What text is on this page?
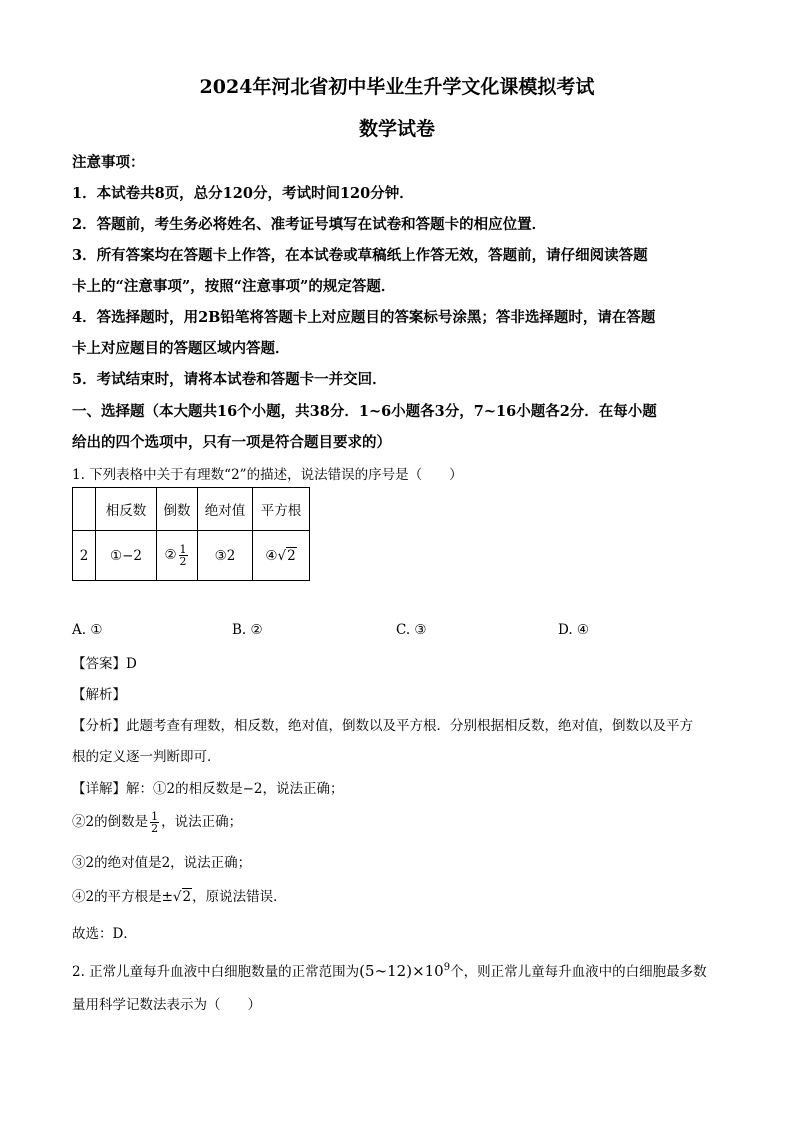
2024年河北省初中毕业生升学文化课模拟考试
数学试卷
注意事项：
1．本试卷共8页，总分120分，考试时间120分钟．
2．答题前，考生务必将姓名、准考证号填写在试卷和答题卡的相应位置．
3．所有答案均在答题卡上作答，在本试卷或草稿纸上作答无效，答题前，请仔细阅读答题
卡上的“注意事项”，按照“注意事项”的规定答题．
4．答选择题时，用2B铅笔将答题卡上对应题目的答案标号涂黑；答非选择题时，请在答题
卡上对应题目的答题区域内答题．
5．考试结束时，请将本试卷和答题卡一并交回．
一、选择题（本大题共16个小题，共38分．1~6小题各3分，7~16小题各2分．在每小题
给出的四个选项中，只有一项是符合题目要求的）
1. 下列表格中关于有理数“2”的描述，说法错误的序号是（　　）
	相反数	倒数	绝对值	平方根
2	①−2	② $\frac{1}{2}$	③2	④√2
A. ①	B. ②	C. ③	D. ④
【答案】D
【解析】
【分析】此题考查有理数，相反数，绝对值，倒数以及平方根．分别根据相反数，绝对值，倒数以及平方
根的定义逐一判断即可．
【详解】解：①2的相反数是−2，说法正确；
②2的倒数是 $\frac{1}{2}$ ，说法正确；
③2的绝对值是2，说法正确；
④2的平方根是±√2，原说法错误．
故选：D．
2. 正常儿童每升血液中白细胞数量的正常范围为$(5\sim 12)\times 10^9$个，则正常儿童每升血液中的白细胞最多数
量用科学记数法表示为（　　）
